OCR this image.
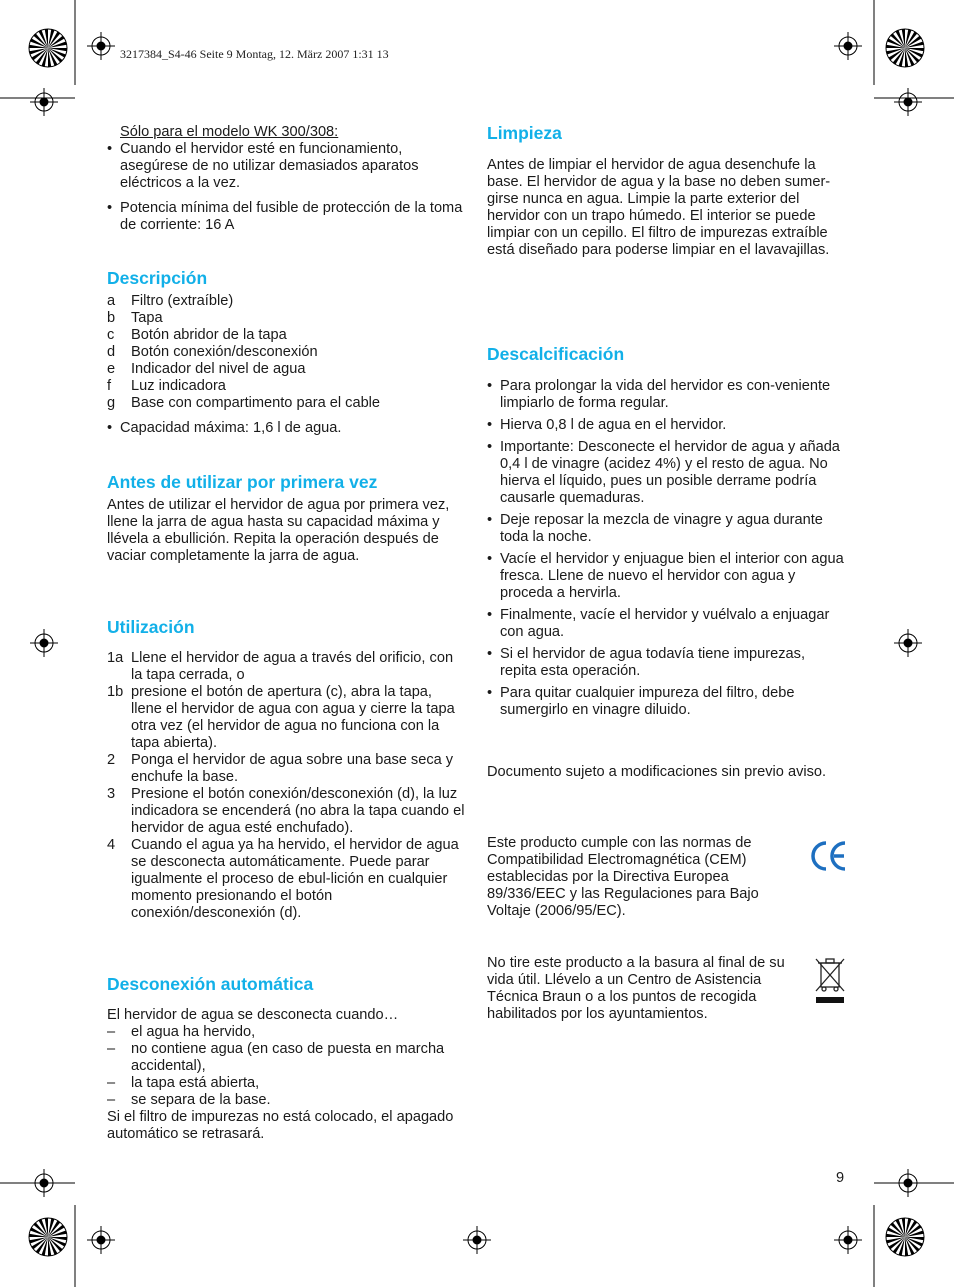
3217384_S4-46 Seite 9 Montag, 12. März 2007 1:31 13

Sólo para el modelo WK 300/308:

• Cuando el hervidor esté en funcionamiento, asegúrese de no utilizar demasiados aparatos eléctricos a la vez.
• Potencia mínima del fusible de protección de la toma de corriente: 16 A
Descripción
a	Filtro (extraíble)
b	Tapa
c	Botón abridor de la tapa
d	Botón conexión/desconexión
e	Indicador del nivel de agua
f	Luz indicadora
g	Base con compartimento para el cable
• Capacidad máxima: 1,6 l de agua.
Antes de utilizar por primera vez

Antes de utilizar el hervidor de agua por primera vez, llene la jarra de agua hasta su capacidad máxima y llévela a ebullición. Repita la operación después de vaciar completamente la jarra de agua.

Utilización
1a Llene el hervidor de agua a través del orificio, con la tapa cerrada, o
1b presione el botón de apertura (c), abra la tapa, llene el hervidor de agua con agua y cierre la tapa otra vez (el hervidor de agua no funciona con la tapa abierta).
2	Ponga el hervidor de agua sobre una base seca y enchufe la base.
3	Presione el botón conexión/desconexión (d), la luz indicadora se encenderá (no abra la tapa cuando el hervidor de agua esté enchufado).
4	Cuando el agua ya ha hervido, el hervidor de agua se desconecta automáticamente. Puede parar igualmente el proceso de ebul-lición en cualquier momento presionando el botón conexión/desconexión (d).
Desconexión automática

El hervidor de agua se desconecta cuando…

–	el agua ha hervido,
–	no contiene agua (en caso de puesta en marcha accidental),
–	la tapa está abierta,
–	se separa de la base.

Si el filtro de impurezas no está colocado, el apagado automático se retrasará.

Limpieza

Antes de limpiar el hervidor de agua desenchufe la base. El hervidor de agua y la base no deben sumer-girse nunca en agua. Limpie la parte exterior del hervidor con un trapo húmedo. El interior se puede limpiar con un cepillo. El filtro de impurezas extraíble está diseñado para poderse limpiar en el lavavajillas.

Descalcificación
• Para prolongar la vida del hervidor es con-veniente limpiarlo de forma regular.
• Hierva 0,8 l de agua en el hervidor.
• Importante: Desconecte el hervidor de agua y añada 0,4 l de vinagre (acidez 4%) y el resto de agua. No hierva el líquido, pues un posible derrame podría causarle quemaduras.
• Deje reposar la mezcla de vinagre y agua durante toda la noche.
• Vacíe el hervidor y enjuague bien el interior con agua fresca. Llene de nuevo el hervidor con agua y proceda a hervirla.
• Finalmente, vacíe el hervidor y vuélvalo a enjuagar con agua.
• Si el hervidor de agua todavía tiene impurezas, repita esta operación.
• Para quitar cualquier impureza del filtro, debe sumergirlo en vinagre diluido.

Documento sujeto a modificaciones sin previo aviso.

Este producto cumple con las normas de Compatibilidad Electromagnética (CEM) establecidas por la Directiva Europea 89/336/EEC y las Regulaciones para Bajo Voltaje (2006/95/EC).

No tire este producto a la basura al final de su vida útil. Llévelo a un Centro de Asistencia Técnica Braun o a los puntos de recogida habilitados por los ayuntamientos.

9
